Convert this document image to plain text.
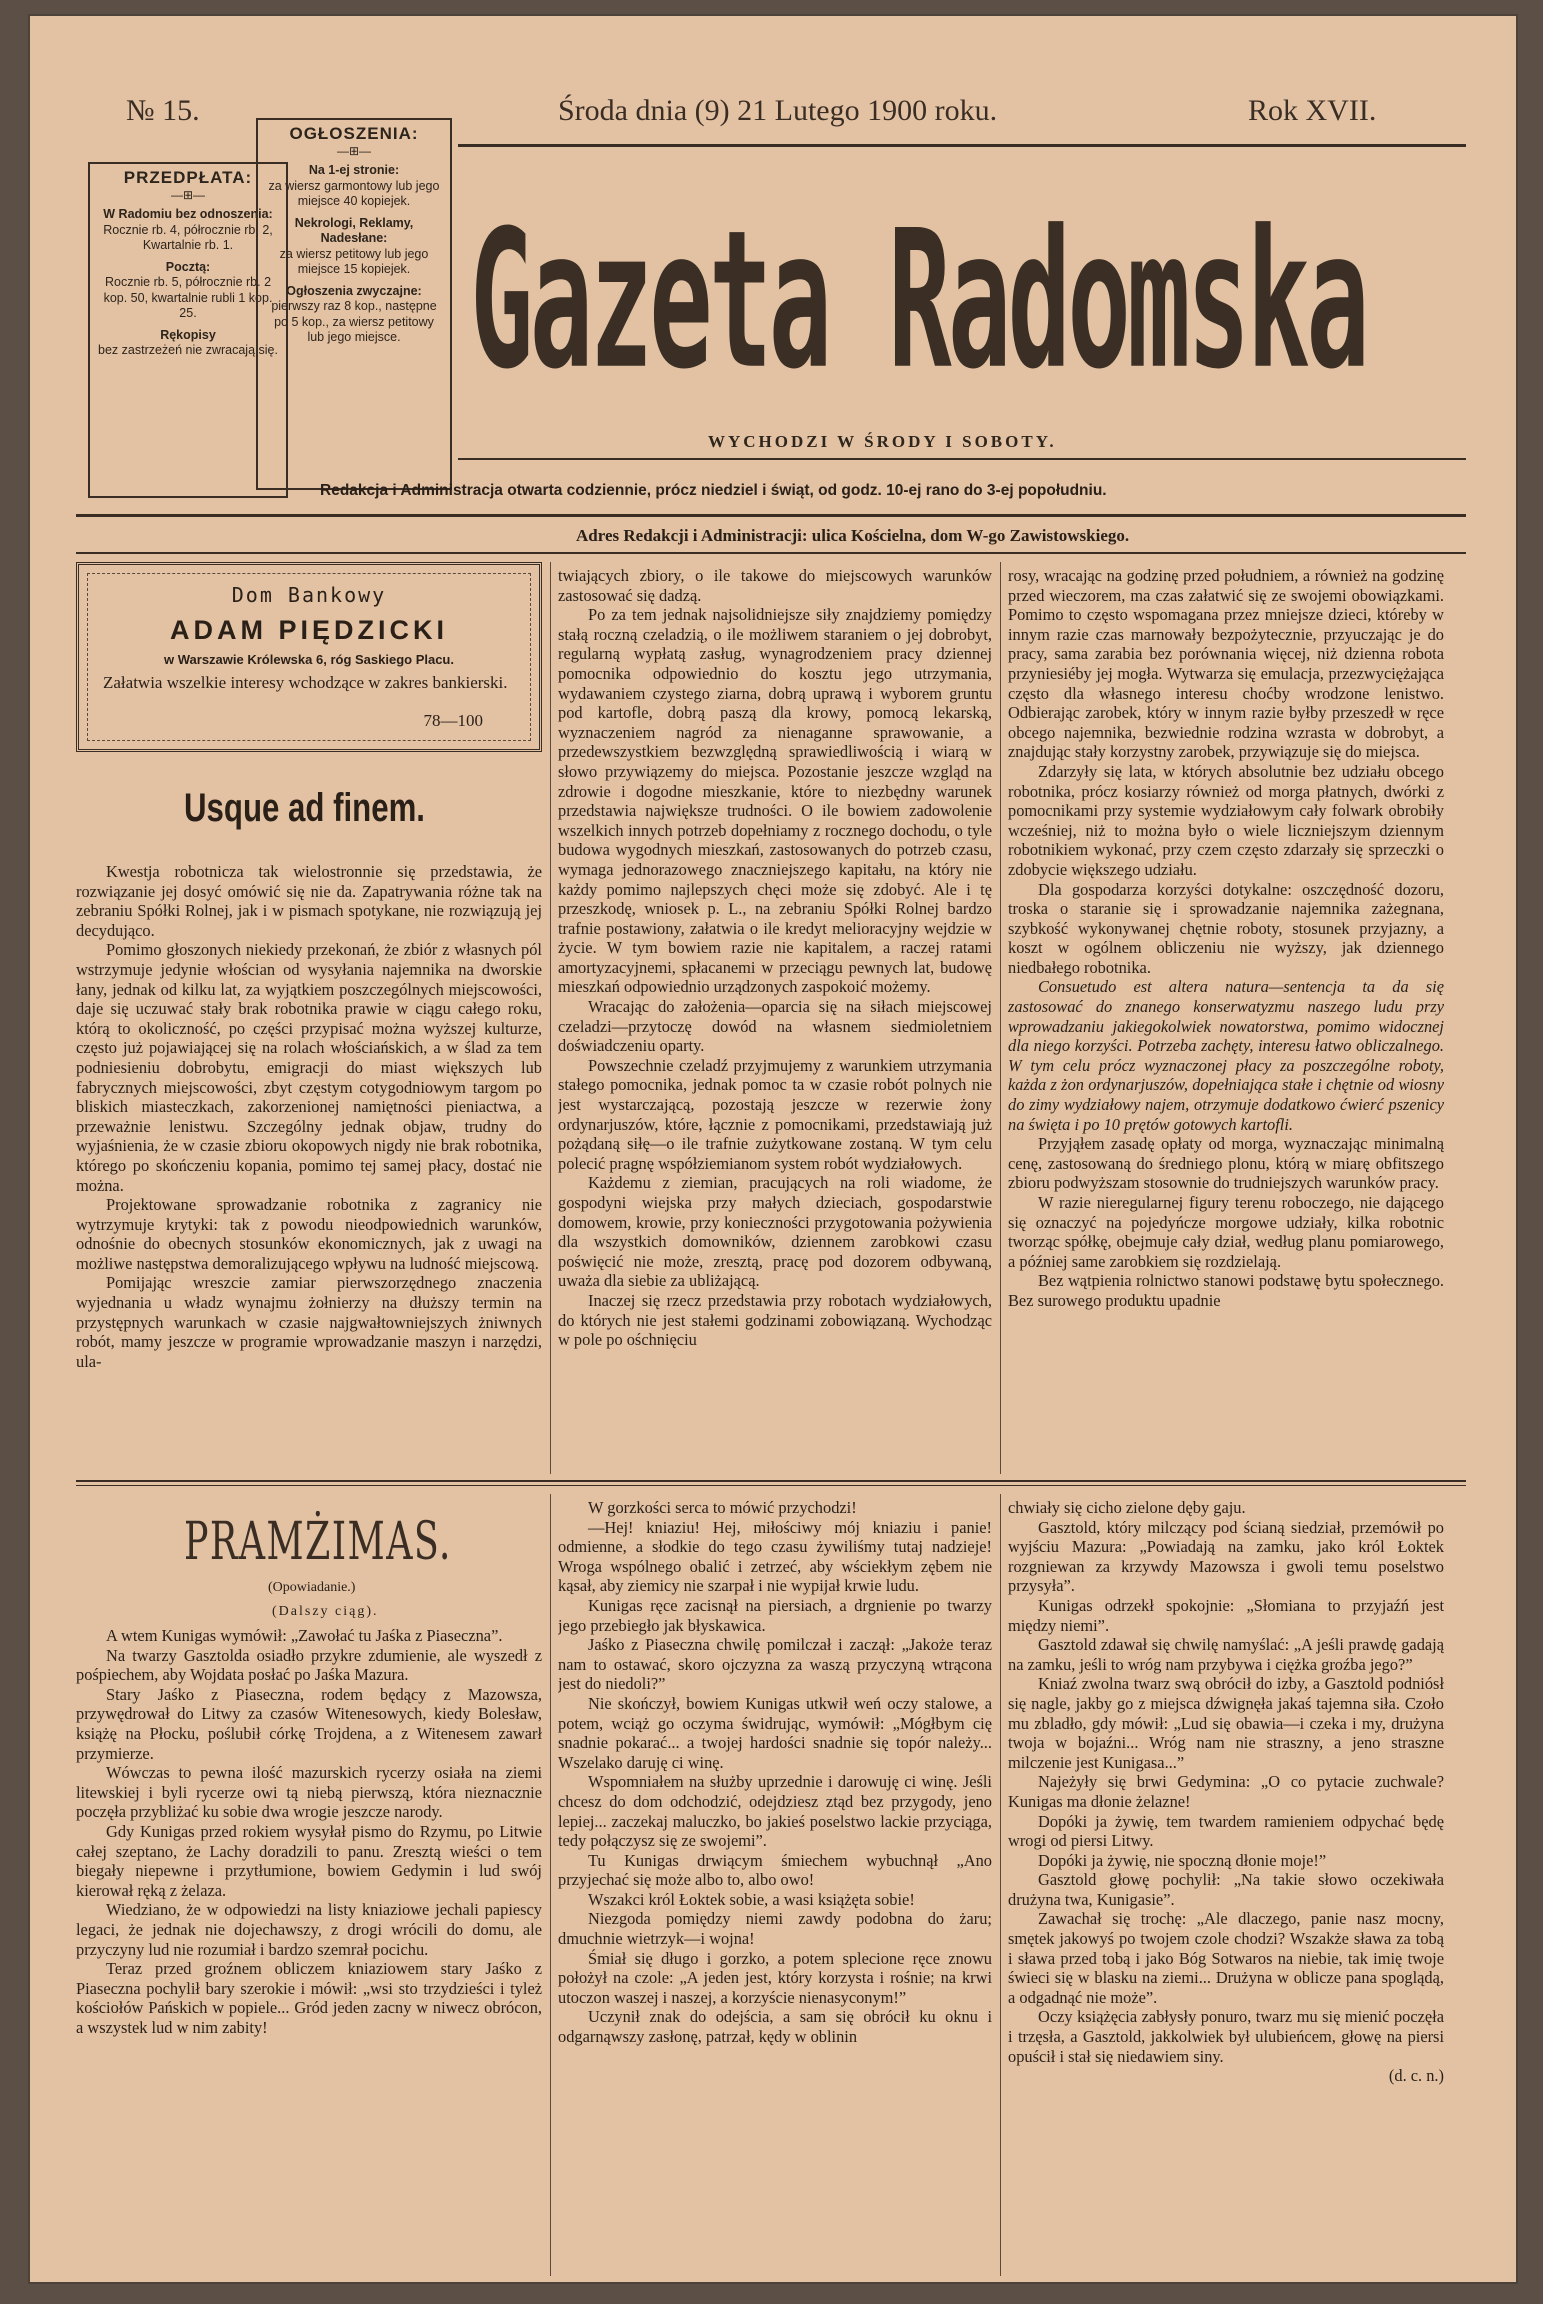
№ 15.	Środa dnia (9) 21 Lutego 1900 roku.	Rok XVII.
PRZEDPŁATA:
—⊞—

W Radomiu bez odnoszenia:
Rocznie rb. 4, półrocznie rb. 2, Kwartalnie rb. 1.

Pocztą:
Rocznie rb. 5, półrocznie rb. 2 kop. 50, kwartalnie rubli 1 kop. 25.

Rękopisy
bez zastrzeżeń nie zwracają się.

OGŁOSZENIA:
—⊞—

Na 1-ej stronie:
za wiersz garmontowy lub jego miejsce 40 kopiejek.

Nekrologi, Reklamy, Nadesłane:
za wiersz petitowy lub jego miejsce 15 kopiejek.

Ogłoszenia zwyczajne:
pierwszy raz 8 kop., następne po 5 kop., za wiersz petitowy lub jego miejsce. Gazeta Radomska
WYCHODZI W ŚRODY I SOBOTY.
Redakcja i Administracja otwarta codziennie, prócz niedziel i świąt, od godz. 10-ej rano do 3-ej popołudniu.
Adres Redakcji i Administracji: ulica Kościelna, dom W-go Zawistowskiego.
Dom Bankowy
ADAM PIĘDZICKI
w Warszawie Królewska 6, róg Saskiego Placu.
Załatwia wszelkie interesy wchodzące w zakres bankierski.
78—100
Usque ad finem.

Kwestja robotnicza tak wielostronnie się przedstawia, że rozwiązanie jej dosyć omówić się nie da. Zapatrywania różne tak na zebraniu Spółki Rolnej, jak i w pismach spotykane, nie rozwiązują jej decydująco.

Pomimo głoszonych niekiedy przekonań, że zbiór z własnych pól wstrzymuje jedynie włościan od wysyłania najemnika na dworskie łany, jednak od kilku lat, za wyjątkiem poszczególnych miejscowości, daje się uczuwać stały brak robotnika prawie w ciągu całego roku, którą to okoliczność, po części przypisać można wyższej kulturze, często już pojawiającej się na rolach włościańskich, a w ślad za tem podniesieniu dobrobytu, emigracji do miast większych lub fabrycznych miejscowości, zbyt częstym cotygodniowym targom po bliskich miasteczkach, zakorzenionej namiętności pieniactwa, a przeważnie lenistwu. Szczególny jednak objaw, trudny do wyjaśnienia, że w czasie zbioru okopowych nigdy nie brak robotnika, którego po skończeniu kopania, pomimo tej samej płacy, dostać nie można.

Projektowane sprowadzanie robotnika z zagranicy nie wytrzymuje krytyki: tak z powodu nieodpowiednich warunków, odnośnie do obecnych stosunków ekonomicznych, jak z uwagi na możliwe następstwa demoralizującego wpływu na ludność miejscową.

Pomijając wreszcie zamiar pierwszorzędnego znaczenia wyjednania u władz wynajmu żołnierzy na dłuższy termin na przystępnych warunkach w czasie najgwałtowniejszych żniwnych robót, mamy jeszcze w programie wprowadzanie maszyn i narzędzi, ula-

twiających zbiory, o ile takowe do miejscowych warunków zastosować się dadzą.

Po za tem jednak najsolidniejsze siły znajdziemy pomiędzy stałą roczną czeladzią, o ile możliwem staraniem o jej dobrobyt, regularną wypłatą zasług, wynagrodzeniem pracy dziennej pomocnika odpowiednio do kosztu jego utrzymania, wydawaniem czystego ziarna, dobrą uprawą i wyborem gruntu pod kartofle, dobrą paszą dla krowy, pomocą lekarską, wyznaczeniem nagród za nienaganne sprawowanie, a przedewszystkiem bezwzględną sprawiedliwością i wiarą w słowo przywiązemy do miejsca. Pozostanie jeszcze wzgląd na zdrowie i dogodne mieszkanie, które to niezbędny warunek przedstawia największe trudności. O ile bowiem zadowolenie wszelkich innych potrzeb dopełniamy z rocznego dochodu, o tyle budowa wygodnych mieszkań, zastosowanych do potrzeb czasu, wymaga jednorazowego znaczniejszego kapitału, na który nie każdy pomimo najlepszych chęci może się zdobyć. Ale i tę przeszkodę, wniosek p. L., na zebraniu Spółki Rolnej bardzo trafnie postawiony, załatwia o ile kredyt melioracyjny wejdzie w życie. W tym bowiem razie nie kapitalem, a raczej ratami amortyzacyjnemi, spłacanemi w przeciągu pewnych lat, budowę mieszkań odpowiednio urządzonych zaspokoić możemy.

Wracając do założenia—oparcia się na siłach miejscowej czeladzi—przytoczę dowód na własnem siedmioletniem doświadczeniu oparty.

Powszechnie czeladź przyjmujemy z warunkiem utrzymania stałego pomocnika, jednak pomoc ta w czasie robót polnych nie jest wystarczającą, pozostają jeszcze w rezerwie żony ordynarjuszów, które, łącznie z pomocnikami, przedstawiają już pożądaną siłę—o ile trafnie zużytkowane zostaną. W tym celu polecić pragnę współziemianom system robót wydziałowych.

Każdemu z ziemian, pracujących na roli wiadome, że gospodyni wiejska przy małych dzieciach, gospodarstwie domowem, krowie, przy konieczności przygotowania pożywienia dla wszystkich domowników, dziennem zarobkowi czasu poświęcić nie może, zresztą, pracę pod dozorem odbywaną, uważa dla siebie za ubliżającą.

Inaczej się rzecz przedstawia przy robotach wydziałowych, do których nie jest stałemi godzinami zobowiązaną. Wychodząc w pole po ośchnięciu

rosy, wracając na godzinę przed południem, a również na godzinę przed wieczorem, ma czas załatwić się ze swojemi obowiązkami. Pomimo to często wspomagana przez mniejsze dzieci, któreby w innym razie czas marnowały bezpożytecznie, przyuczając je do pracy, sama zarabia bez porównania więcej, niż dzienna robota przyniesiéby jej mogła. Wytwarza się emulacja, przezwyciężająca często dla własnego interesu choćby wrodzone lenistwo. Odbierając zarobek, który w innym razie byłby przeszedł w ręce obcego najemnika, bezwiednie rodzina wzrasta w dobrobyt, a znajdując stały korzystny zarobek, przywiązuje się do miejsca.

Zdarzyły się lata, w których absolutnie bez udziału obcego robotnika, prócz kosiarzy również od morga płatnych, dwórki z pomocnikami przy systemie wydziałowym cały folwark obrobiły wcześniej, niż to można było o wiele liczniejszym dziennym robotnikiem wykonać, przy czem często zdarzały się sprzeczki o zdobycie większego udziału.

Dla gospodarza korzyści dotykalne: oszczędność dozoru, troska o staranie się i sprowadzanie najemnika zażegnana, szybkość wykonywanej chętnie roboty, stosunek przyjazny, a koszt w ogólnem obliczeniu nie wyższy, jak dziennego niedbałego robotnika.

Consuetudo est altera natura—sentencja ta da się zastosować do znanego konserwatyzmu naszego ludu przy wprowadzaniu jakiegokolwiek nowatorstwa, pomimo widocznej dla niego korzyści. Potrzeba zachęty, interesu łatwo obliczalnego. W tym celu prócz wyznaczonej płacy za poszczególne roboty, każda z żon ordynarjuszów, dopełniająca stałe i chętnie od wiosny do zimy wydziałowy najem, otrzymuje dodatkowo ćwierć pszenicy na święta i po 10 prętów gotowych kartofli.

Przyjąłem zasadę opłaty od morga, wyznaczając minimalną cenę, zastosowaną do średniego plonu, którą w miarę obfitszego zbioru podwyższam stosownie do trudniejszych warunków pracy.

W razie nieregularnej figury terenu roboczego, nie dającego się oznaczyć na pojedyńcze morgowe udziały, kilka robotnic tworząc spółkę, obejmuje cały dział, według planu pomiarowego, a później same zarobkiem się rozdzielają.

Bez wątpienia rolnictwo stanowi podstawę bytu społecznego. Bez surowego produktu upadnie

PRAMŻIMAS.
(Opowiadanie.)
(Dalszy ciąg).

A wtem Kunigas wymówił: „Zawołać tu Jaśka z Piaseczna”.

Na twarzy Gasztolda osiadło przykre zdumienie, ale wyszedł z pośpiechem, aby Wojdata posłać po Jaśka Mazura.

Stary Jaśko z Piaseczna, rodem będący z Mazowsza, przywędrował do Litwy za czasów Witenesowych, kiedy Bolesław, książę na Płocku, poślubił córkę Trojdena, a z Witenesem zawarł przymierze.

Wówczas to pewna ilość mazurskich rycerzy osiała na ziemi litewskiej i byli rycerze owi tą niebą pierwszą, która nieznacznie poczęła przybliżać ku sobie dwa wrogie jeszcze narody.

Gdy Kunigas przed rokiem wysyłał pismo do Rzymu, po Litwie całej szeptano, że Lachy doradzili to panu. Zresztą wieści o tem biegały niepewne i przytłumione, bowiem Gedymin i lud swój kierował ręką z żelaza.

Wiedziano, że w odpowiedzi na listy kniaziowe jechali papiescy legaci, że jednak nie dojechawszy, z drogi wrócili do domu, ale przyczyny lud nie rozumiał i bardzo szemrał pocichu.

Teraz przed groźnem obliczem kniaziowem stary Jaśko z Piaseczna pochylił bary szerokie i mówił: „wsi sto trzydzieści i tyleż kościołów Pańskich w popiele... Gród jeden zacny w niwecz obrócon, a wszystek lud w nim zabity!

W gorzkości serca to mówić przychodzi!

—Hej! kniaziu! Hej, miłościwy mój kniaziu i panie! odmienne, a słodkie do tego czasu żywiliśmy tutaj nadzieje! Wroga wspólnego obalić i zetrzeć, aby wściekłym zębem nie kąsał, aby ziemicy nie szarpał i nie wypijał krwie ludu.

Kunigas ręce zacisnął na piersiach, a drgnienie po twarzy jego przebiegło jak błyskawica.

Jaśko z Piaseczna chwilę pomilczał i zaczął: „Jakoże teraz nam to ostawać, skoro ojczyzna za waszą przyczyną wtrącona jest do niedoli?”

Nie skończył, bowiem Kunigas utkwił weń oczy stalowe, a potem, wciąż go oczyma świdrując, wymówił: „Mógłbym cię snadnie pokarać... a twojej hardości snadnie się topór należy... Wszelako daruję ci winę.

Wspomniałem na służby uprzednie i darowuję ci winę. Jeśli chcesz do dom odchodzić, odejdziesz ztąd bez przygody, jeno lepiej... zaczekaj maluczko, bo jakieś poselstwo lackie przyciąga, tedy połączysz się ze swojemi”.

Tu Kunigas drwiącym śmiechem wybuchnął „Ano przyjechać się może albo to, albo owo!

Wszakci król Łoktek sobie, a wasi książęta sobie!

Niezgoda pomiędzy niemi zawdy podobna do żaru; dmuchnie wietrzyk—i wojna!

Śmiał się długo i gorzko, a potem splecione ręce znowu położył na czole: „A jeden jest, który korzysta i rośnie; na krwi utoczon waszej i naszej, a korzyście nienasyconym!”

Uczynił znak do odejścia, a sam się obrócił ku oknu i odgarnąwszy zasłonę, patrzał, kędy w oblinin

chwiały się cicho zielone dęby gaju.

Gasztold, który milczący pod ścianą siedział, przemówił po wyjściu Mazura: „Powiadają na zamku, jako król Łoktek rozgniewan za krzywdy Mazowsza i gwoli temu poselstwo przysyła”.

Kunigas odrzekł spokojnie: „Słomiana to przyjaźń jest między niemi”.

Gasztold zdawał się chwilę namyślać: „A jeśli prawdę gadają na zamku, jeśli to wróg nam przybywa i ciężka groźba jego?”

Kniaź zwolna twarz swą obrócił do izby, a Gasztold podniósł się nagle, jakby go z miejsca dźwignęła jakaś tajemna siła. Czoło mu zbladło, gdy mówił: „Lud się obawia—i czeka i my, drużyna twoja w bojaźni... Wróg nam nie straszny, a jeno straszne milczenie jest Kunigasa...”

Najeżyły się brwi Gedymina: „O co pytacie zuchwale? Kunigas ma dłonie żelazne!

Dopóki ja żywię, tem twardem ramieniem odpychać będę wrogi od piersi Litwy.

Dopóki ja żywię, nie spoczną dłonie moje!”

Gasztold głowę pochylił: „Na takie słowo oczekiwała drużyna twa, Kunigasie”.

Zawachał się trochę: „Ale dlaczego, panie nasz mocny, smętek jakowyś po twojem czole chodzi? Wszakże sława za tobą i sława przed tobą i jako Bóg Sotwaros na niebie, tak imię twoje świeci się w blasku na ziemi... Drużyna w oblicze pana spoglądą, a odgadnąć nie może”.

Oczy książęcia zabłysły ponuro, twarz mu się mienić poczęła i trzęsła, a Gasztold, jakkolwiek był ulubieńcem, głowę na piersi opuścił i stał się niedawiem siny.

(d. c. n.)
